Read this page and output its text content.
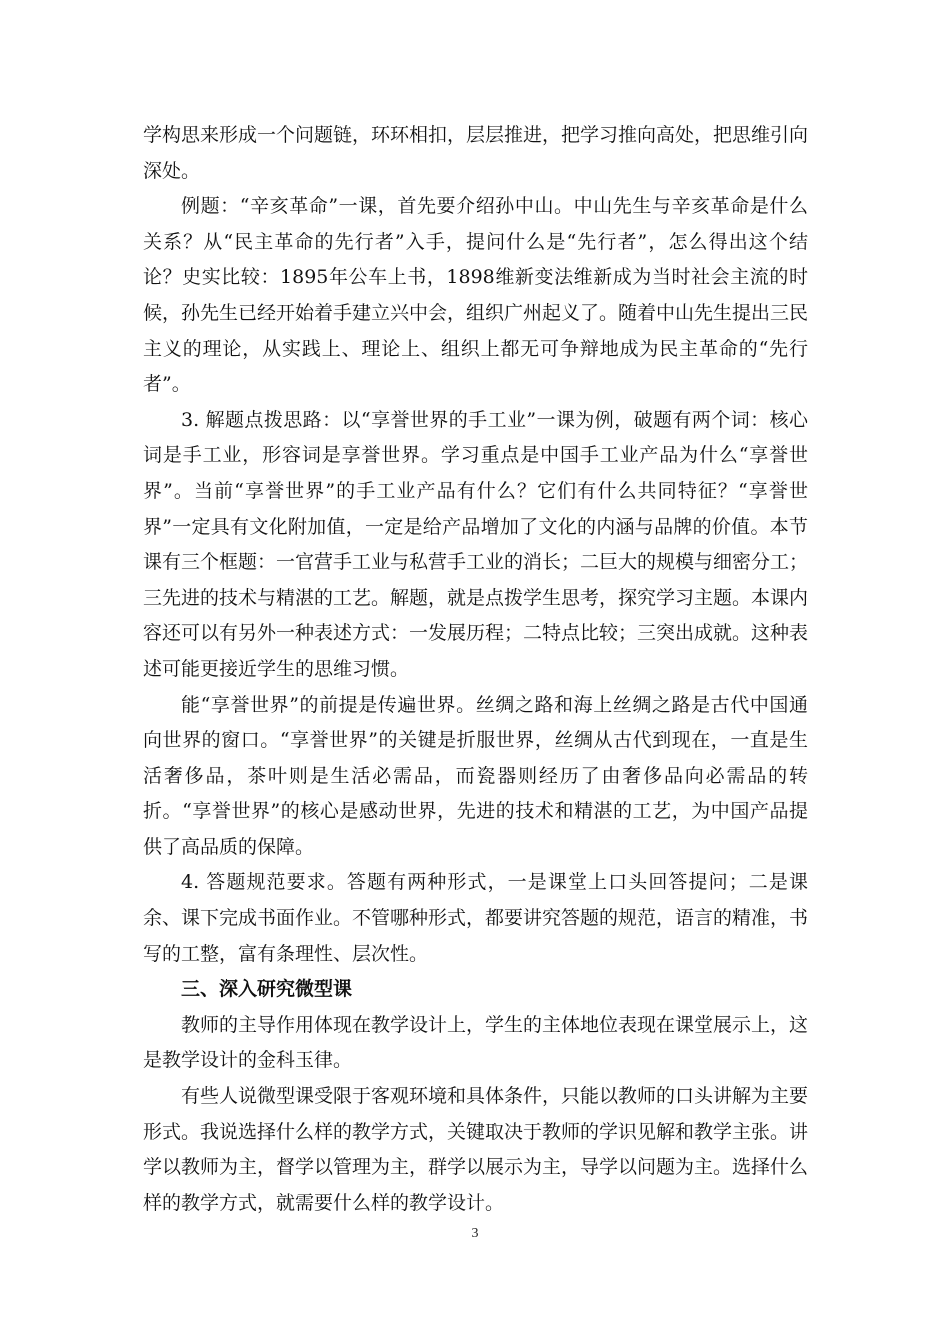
学构思来形成一个问题链，环环相扣，层层推进，把学习推向高处，把思维引向深处。

例题：“辛亥革命”一课，首先要介绍孙中山。中山先生与辛亥革命是什么关系？从“民主革命的先行者”入手，提问什么是“先行者”，怎么得出这个结论？史实比较：1895年公车上书，1898维新变法维新成为当时社会主流的时候，孙先生已经开始着手建立兴中会，组织广州起义了。随着中山先生提出三民主义的理论，从实践上、理论上、组织上都无可争辩地成为民主革命的“先行者”。

3. 解题点拨思路：以“享誉世界的手工业”一课为例，破题有两个词：核心词是手工业，形容词是享誉世界。学习重点是中国手工业产品为什么“享誉世界”。当前“享誉世界”的手工业产品有什么？它们有什么共同特征？“享誉世界”一定具有文化附加值，一定是给产品增加了文化的内涵与品牌的价值。本节课有三个框题：一官营手工业与私营手工业的消长；二巨大的规模与细密分工；三先进的技术与精湛的工艺。解题，就是点拨学生思考，探究学习主题。本课内容还可以有另外一种表述方式：一发展历程；二特点比较；三突出成就。这种表述可能更接近学生的思维习惯。

能“享誉世界”的前提是传遍世界。丝绸之路和海上丝绸之路是古代中国通向世界的窗口。“享誉世界”的关键是折服世界，丝绸从古代到现在，一直是生活奢侈品，茶叶则是生活必需品，而瓷器则经历了由奢侈品向必需品的转折。“享誉世界”的核心是感动世界，先进的技术和精湛的工艺，为中国产品提供了高品质的保障。

4. 答题规范要求。答题有两种形式，一是课堂上口头回答提问；二是课余、课下完成书面作业。不管哪种形式，都要讲究答题的规范，语言的精准，书写的工整，富有条理性、层次性。

三、深入研究微型课

教师的主导作用体现在教学设计上，学生的主体地位表现在课堂展示上，这是教学设计的金科玉律。

有些人说微型课受限于客观环境和具体条件，只能以教师的口头讲解为主要形式。我说选择什么样的教学方式，关键取决于教师的学识见解和教学主张。讲学以教师为主，督学以管理为主，群学以展示为主，导学以问题为主。选择什么样的教学方式，就需要什么样的教学设计。

3
